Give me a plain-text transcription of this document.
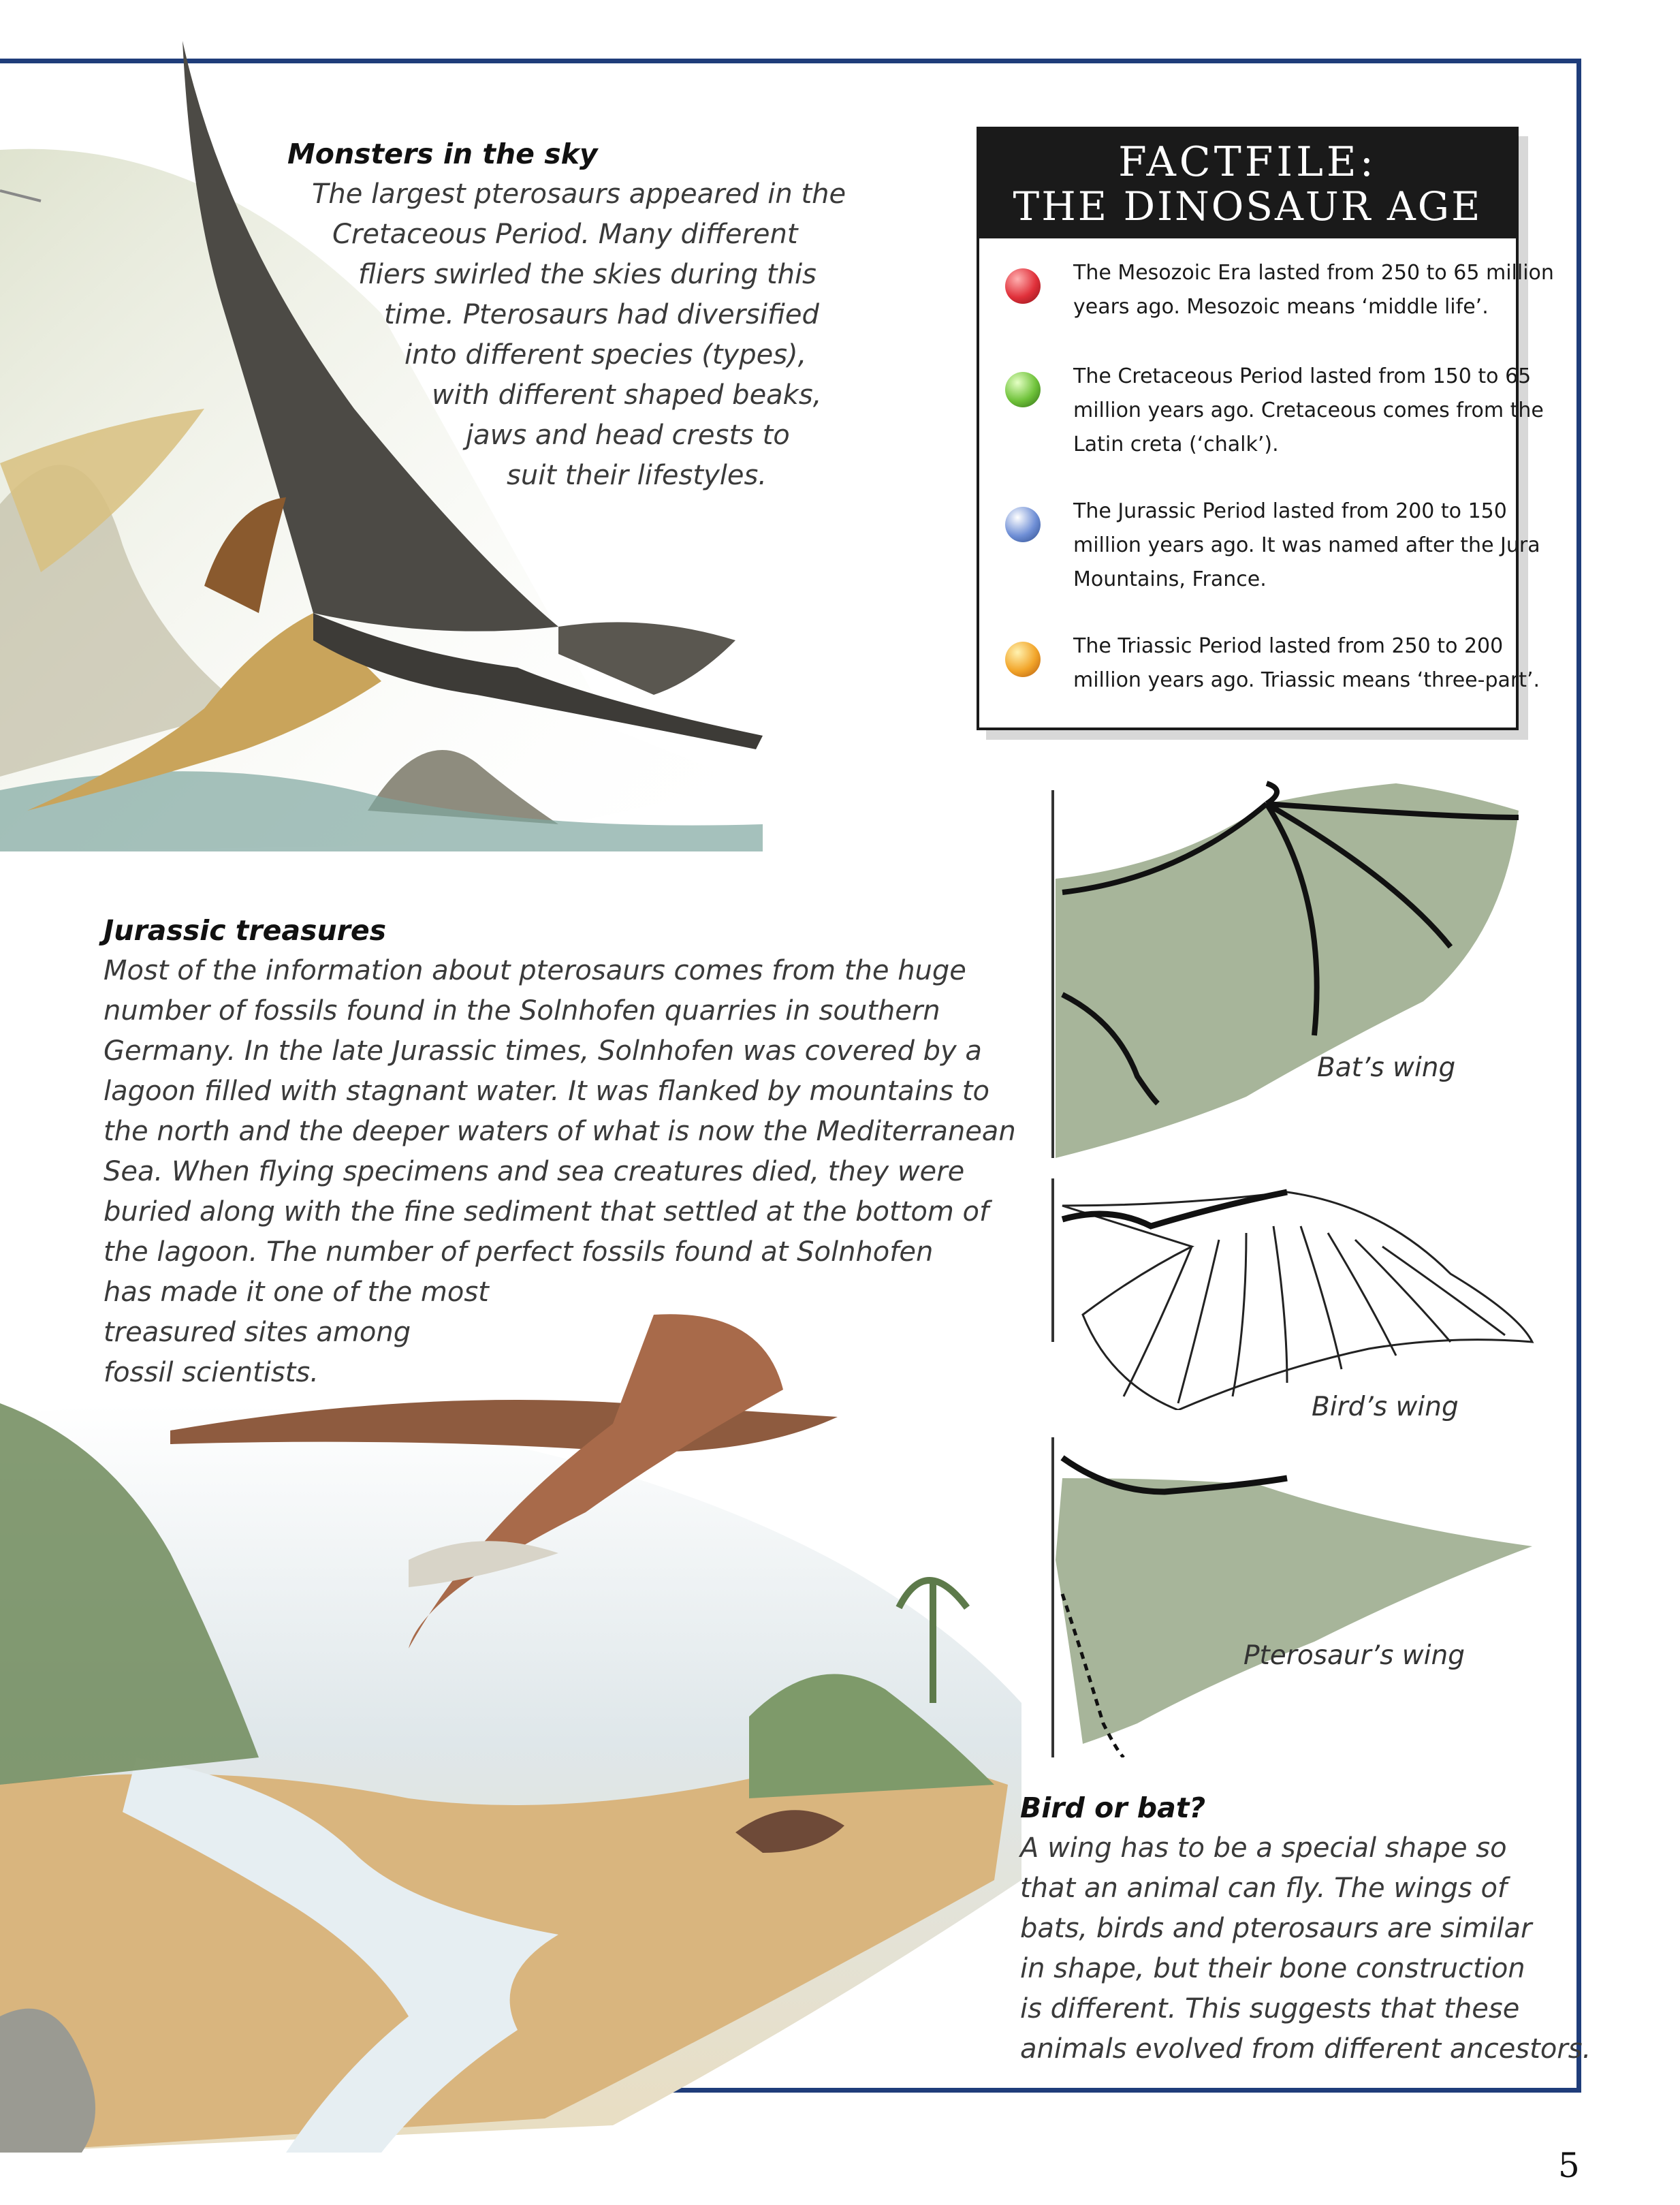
Monsters in the sky
The largest pterosaurs appeared in the
Cretaceous Period. Many different
fliers swirled the skies during this
time. Pterosaurs had diversified
into different species (types),
with different shaped beaks,
jaws and head crests to
suit their lifestyles.
FACTFILE:
THE DINOSAUR AGE
The Mesozoic Era lasted from 250 to 65 million
years ago. Mesozoic means ‘middle life’.
The Cretaceous Period lasted from 150 to 65
million years ago. Cretaceous comes from the
Latin creta (‘chalk’).
The Jurassic Period lasted from 200 to 150
million years ago. It was named after the Jura
Mountains, France.
The Triassic Period lasted from 250 to 200
million years ago. Triassic means ‘three-part’.
Jurassic treasures
Most of the information about pterosaurs comes from the huge
number of fossils found in the Solnhofen quarries in southern
Germany. In the late Jurassic times, Solnhofen was covered by a
lagoon filled with stagnant water. It was flanked by mountains to
the north and the deeper waters of what is now the Mediterranean
Sea. When flying specimens and sea creatures died, they were
buried along with the fine sediment that settled at the bottom of
the lagoon. The number of perfect fossils found at Solnhofen
has made it one of the most
treasured sites among
fossil scientists.
Bat’s wing
Bird’s wing
Pterosaur’s wing
Bird or bat?
A wing has to be a special shape so
that an animal can fly. The wings of
bats, birds and pterosaurs are similar
in shape, but their bone construction
is different. This suggests that these
animals evolved from different ancestors.
5
